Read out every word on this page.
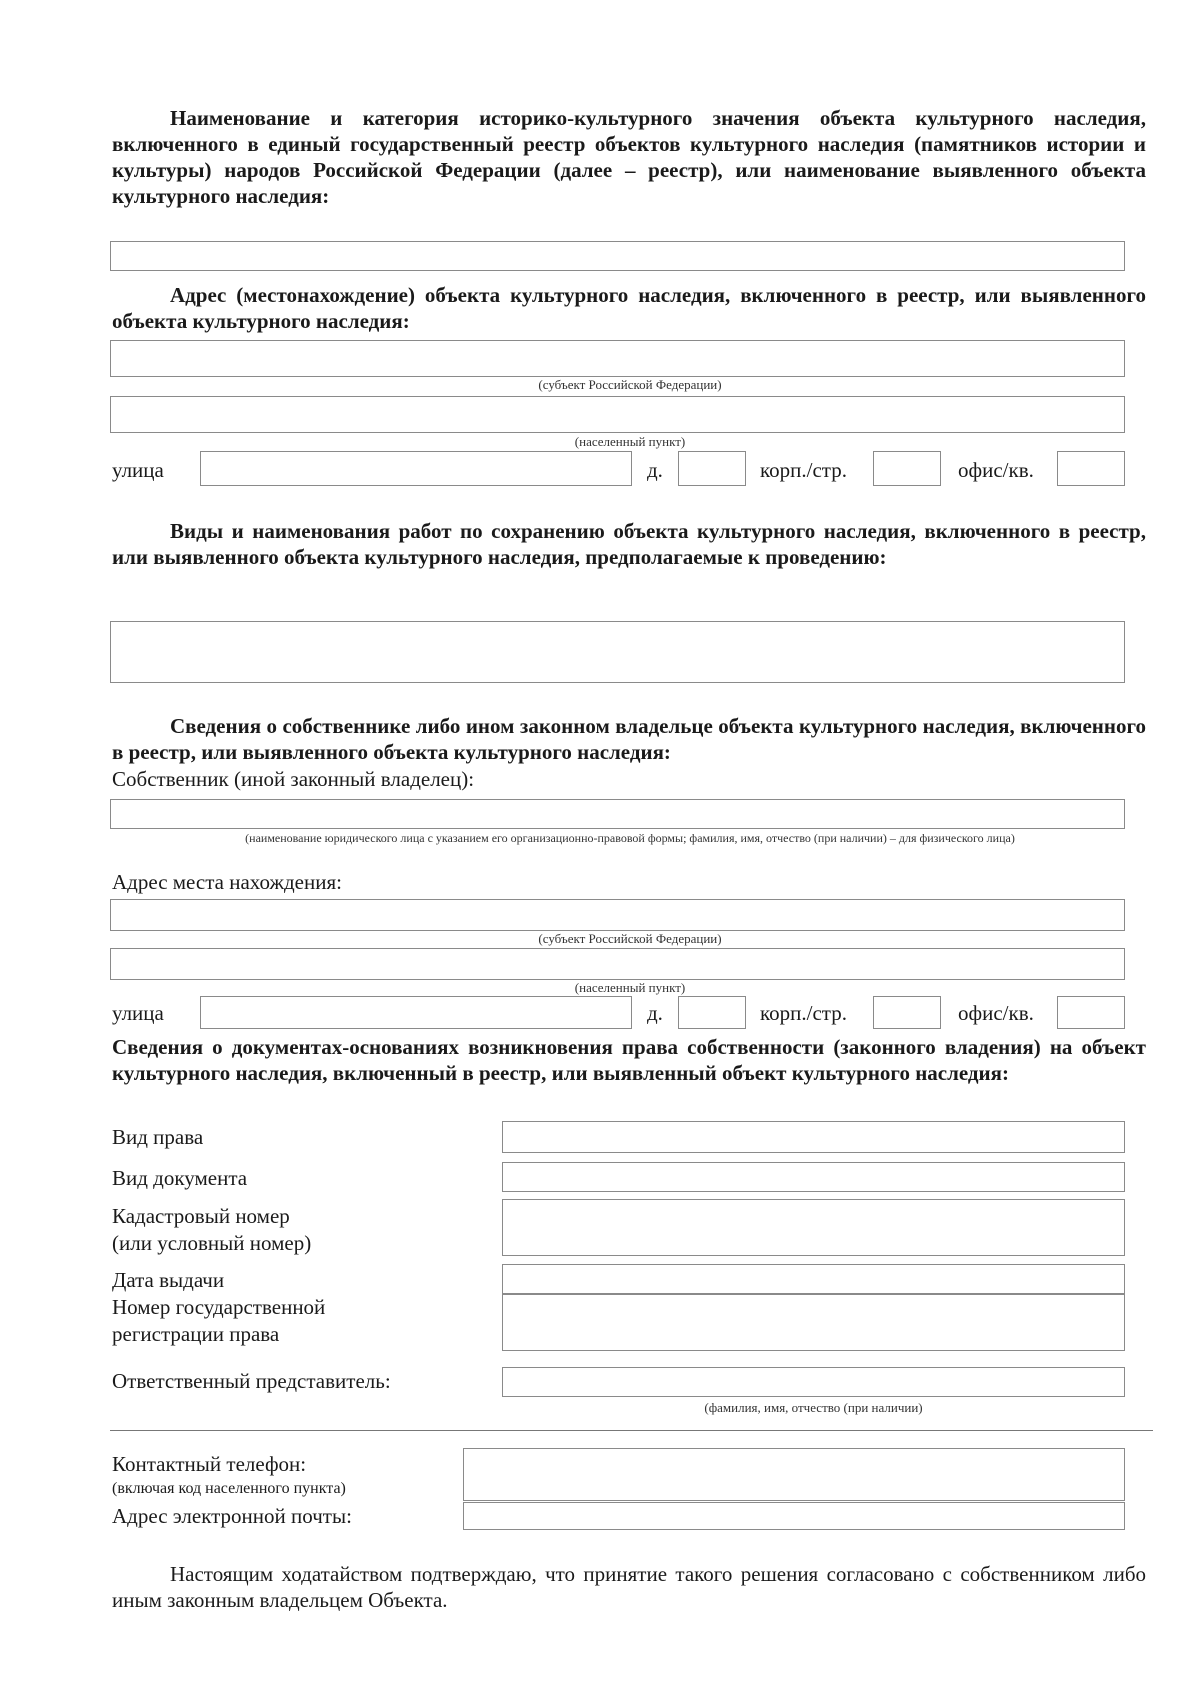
Наименование и категория историко-культурного значения объекта культурного наследия, включенного в единый государственный реестр объектов культурного наследия (памятников истории и культуры) народов Российской Федерации (далее – реестр), или наименование выявленного объекта культурного наследия:
Адрес (местонахождение) объекта культурного наследия, включенного в реестр, или выявленного объекта культурного наследия:
(субъект Российской Федерации)
(населенный пункт)
улица	д.	корп./стр.	офис/кв.
Виды и наименования работ по сохранению объекта культурного наследия, включенного в реестр, или выявленного объекта культурного наследия, предполагаемые к проведению:
Сведения о собственнике либо ином законном владельце объекта культурного наследия, включенного в реестр, или выявленного объекта культурного наследия:
Собственник (иной законный владелец):
(наименование юридического лица с указанием его организационно-правовой формы; фамилия, имя, отчество (при наличии) – для физического лица)
Адрес места нахождения:
(субъект Российской Федерации)
(населенный пункт)
улица	д.	корп./стр.	офис/кв.
Сведения о документах-основаниях возникновения права собственности (законного владения) на объект культурного наследия, включенный в реестр, или выявленный объект культурного наследия:
Вид права
Вид документа
Кадастровый номер
(или условный номер)
Дата выдачи
Номер государственной
регистрации права
Ответственный представитель:
(фамилия, имя, отчество (при наличии)
Контактный телефон:
(включая код населенного пункта)
Адрес электронной почты:
Настоящим ходатайством подтверждаю, что принятие такого решения согласовано с собственником либо иным законным владельцем Объекта.
